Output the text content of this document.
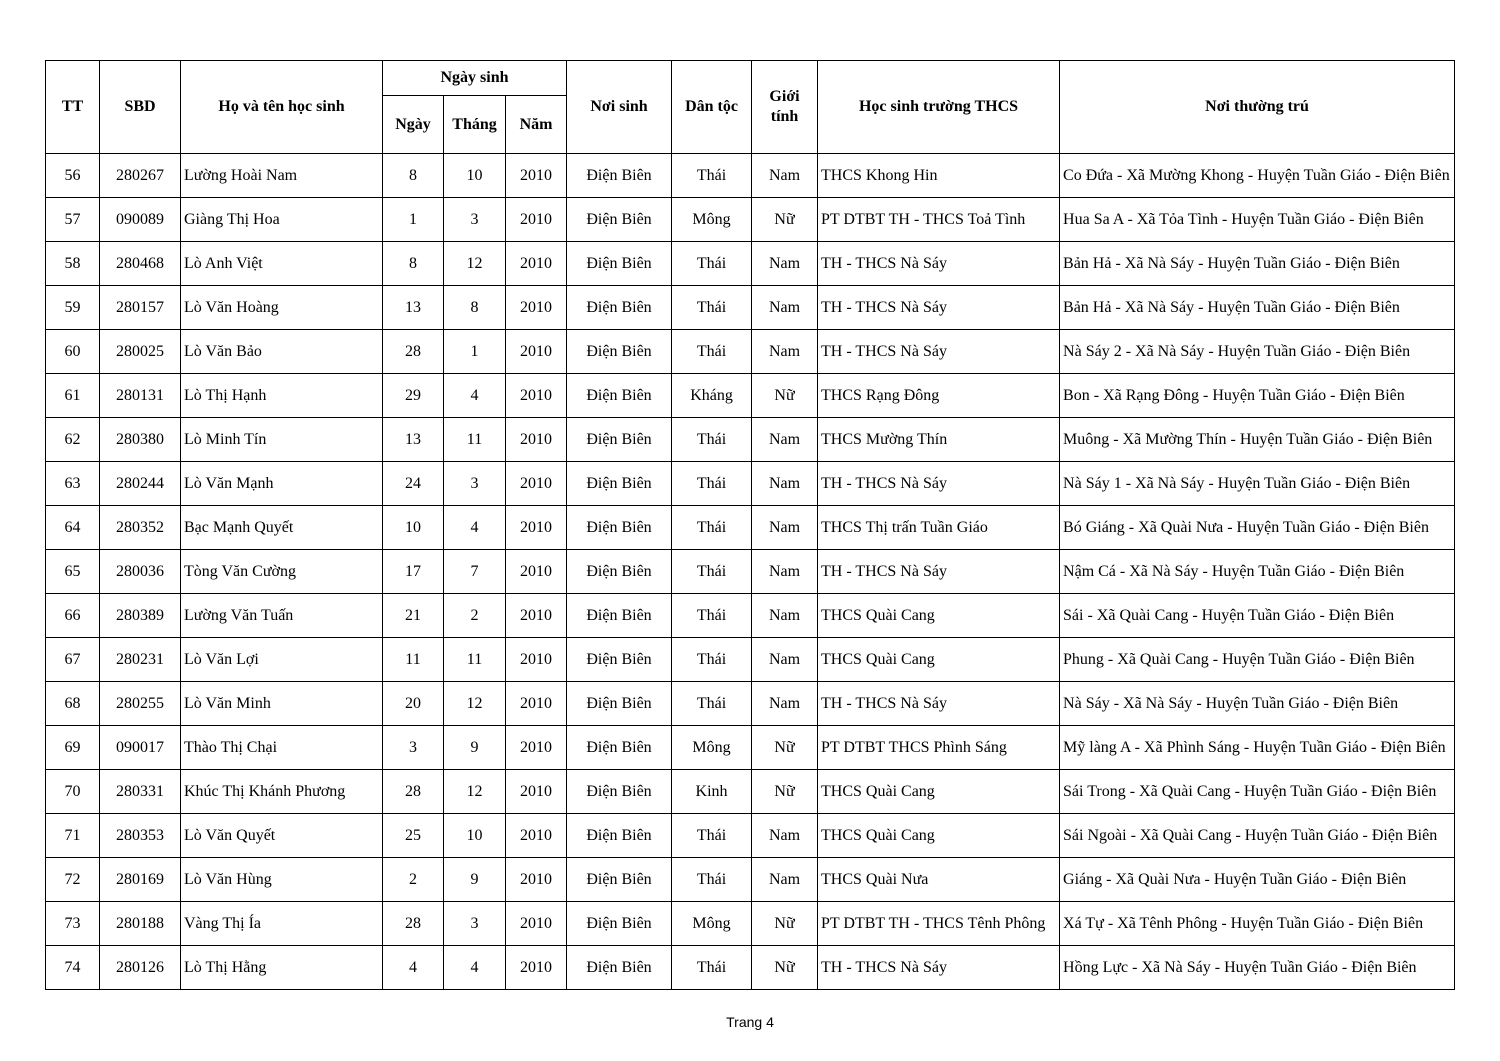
TT	SBD	Họ và tên học sinh	Ngày sinh			Nơi sinh	Dân tộc	Giới tính	Học sinh trường THCS	Nơi thường trú
			Ngày	Tháng	Năm					
56	280267	Lường Hoài Nam	8	10	2010	Điện Biên	Thái	Nam	THCS Khong Hin	Co Đứa - Xã Mường Khong - Huyện Tuần Giáo - Điện Biên
57	090089	Giàng Thị Hoa	1	3	2010	Điện Biên	Mông	Nữ	PT DTBT TH - THCS Toả Tình	Hua Sa A - Xã Tỏa Tình - Huyện Tuần Giáo - Điện Biên
58	280468	Lò Anh Việt	8	12	2010	Điện Biên	Thái	Nam	TH - THCS Nà Sáy	Bản Hả - Xã Nà Sáy - Huyện Tuần Giáo - Điện Biên
59	280157	Lò Văn Hoàng	13	8	2010	Điện Biên	Thái	Nam	TH - THCS Nà Sáy	Bản Hả - Xã Nà Sáy - Huyện Tuần Giáo - Điện Biên
60	280025	Lò Văn Bảo	28	1	2010	Điện Biên	Thái	Nam	TH - THCS Nà Sáy	Nà Sáy 2 - Xã Nà Sáy - Huyện Tuần Giáo - Điện Biên
61	280131	Lò Thị Hạnh	29	4	2010	Điện Biên	Kháng	Nữ	THCS Rạng Đông	Bon - Xã Rạng Đông - Huyện Tuần Giáo - Điện Biên
62	280380	Lò Minh Tín	13	11	2010	Điện Biên	Thái	Nam	THCS Mường Thín	Muông - Xã Mường Thín - Huyện Tuần Giáo - Điện Biên
63	280244	Lò Văn Mạnh	24	3	2010	Điện Biên	Thái	Nam	TH - THCS Nà Sáy	Nà Sáy 1 - Xã Nà Sáy - Huyện Tuần Giáo - Điện Biên
64	280352	Bạc Mạnh Quyết	10	4	2010	Điện Biên	Thái	Nam	THCS Thị trấn Tuần Giáo	Bó Giáng - Xã Quài Nưa - Huyện Tuần Giáo - Điện Biên
65	280036	Tòng Văn Cường	17	7	2010	Điện Biên	Thái	Nam	TH - THCS Nà Sáy	Nậm Cá - Xã Nà Sáy - Huyện Tuần Giáo - Điện Biên
66	280389	Lường Văn Tuấn	21	2	2010	Điện Biên	Thái	Nam	THCS Quài Cang	Sái - Xã Quài Cang - Huyện Tuần Giáo - Điện Biên
67	280231	Lò Văn Lợi	11	11	2010	Điện Biên	Thái	Nam	THCS Quài Cang	Phung - Xã Quài Cang - Huyện Tuần Giáo - Điện Biên
68	280255	Lò Văn Minh	20	12	2010	Điện Biên	Thái	Nam	TH - THCS Nà Sáy	Nà Sáy - Xã Nà Sáy - Huyện Tuần Giáo - Điện Biên
69	090017	Thào Thị Chại	3	9	2010	Điện Biên	Mông	Nữ	PT DTBT THCS Phình Sáng	Mỹ làng A - Xã Phình Sáng - Huyện Tuần Giáo - Điện Biên
70	280331	Khúc Thị Khánh Phương	28	12	2010	Điện Biên	Kinh	Nữ	THCS Quài Cang	Sái Trong - Xã Quài Cang - Huyện Tuần Giáo - Điện Biên
71	280353	Lò Văn Quyết	25	10	2010	Điện Biên	Thái	Nam	THCS Quài Cang	Sái Ngoài - Xã Quài Cang - Huyện Tuần Giáo - Điện Biên
72	280169	Lò Văn Hùng	2	9	2010	Điện Biên	Thái	Nam	THCS Quài Nưa	Giáng - Xã Quài Nưa - Huyện Tuần Giáo - Điện Biên
73	280188	Vàng Thị Ía	28	3	2010	Điện Biên	Mông	Nữ	PT DTBT TH - THCS Tênh Phông	Xá Tự - Xã Tênh Phông - Huyện Tuần Giáo - Điện Biên
74	280126	Lò Thị Hằng	4	4	2010	Điện Biên	Thái	Nữ	TH - THCS Nà Sáy	Hồng Lực - Xã Nà Sáy - Huyện Tuần Giáo - Điện Biên
Trang 4
